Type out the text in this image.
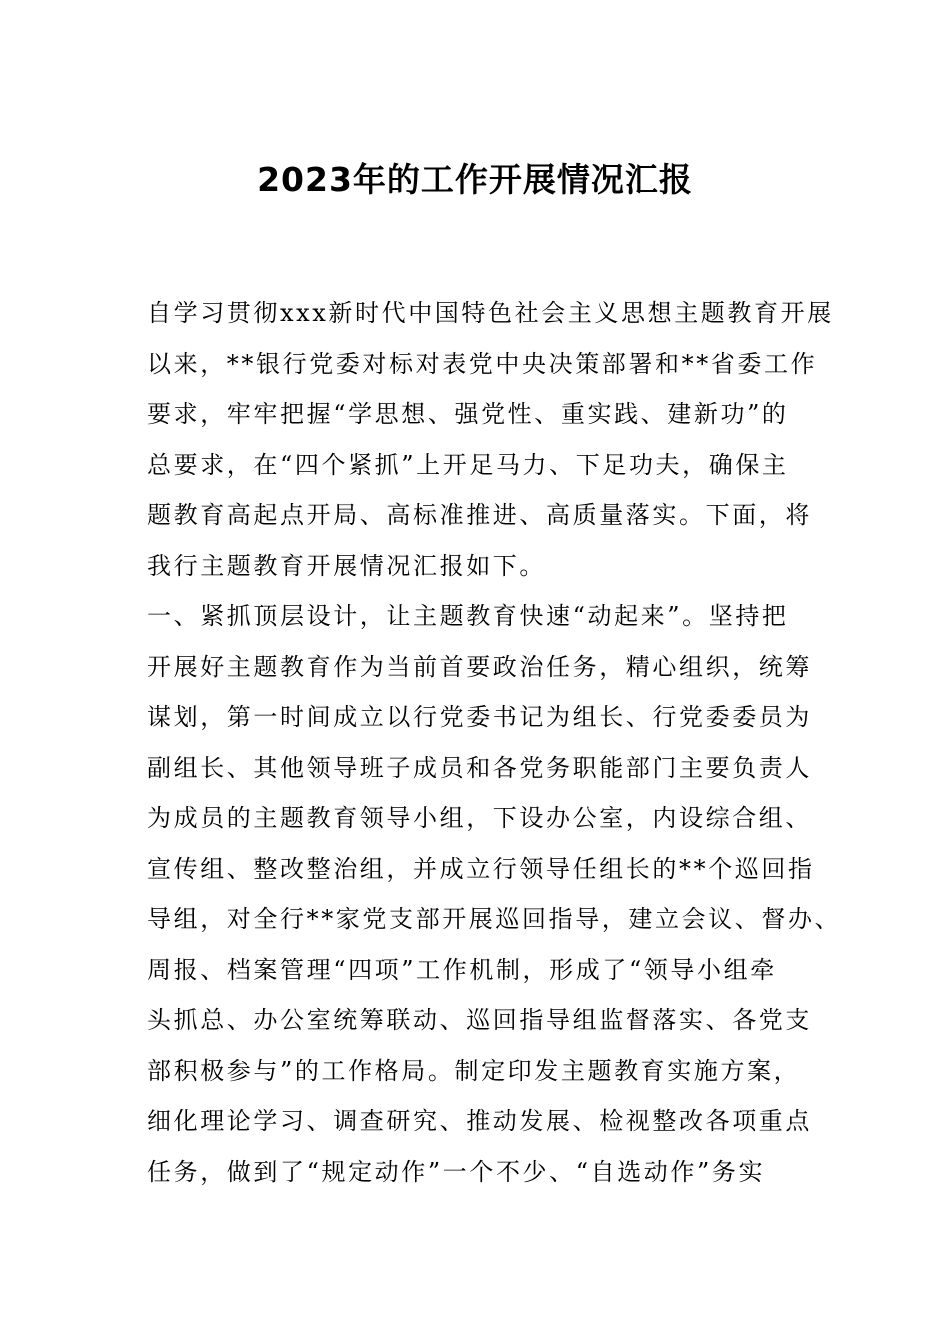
2023年的工作开展情况汇报
自学习贯彻xxx新时代中国特色社会主义思想主题教育开展
以来，**银行党委对标对表党中央决策部署和**省委工作
要求，牢牢把握“学思想、强党性、重实践、建新功”的
总要求，在“四个紧抓”上开足马力、下足功夫，确保主
题教育高起点开局、高标准推进、高质量落实。下面，将
我行主题教育开展情况汇报如下。
一、紧抓顶层设计，让主题教育快速“动起来”。坚持把
开展好主题教育作为当前首要政治任务，精心组织，统筹
谋划，第一时间成立以行党委书记为组长、行党委委员为
副组长、其他领导班子成员和各党务职能部门主要负责人
为成员的主题教育领导小组，下设办公室，内设综合组、
宣传组、整改整治组，并成立行领导任组长的**个巡回指
导组，对全行**家党支部开展巡回指导，建立会议、督办、
周报、档案管理“四项”工作机制，形成了“领导小组牵
头抓总、办公室统筹联动、巡回指导组监督落实、各党支
部积极参与”的工作格局。制定印发主题教育实施方案，
细化理论学习、调查研究、推动发展、检视整改各项重点
任务，做到了“规定动作”一个不少、“自选动作”务实
